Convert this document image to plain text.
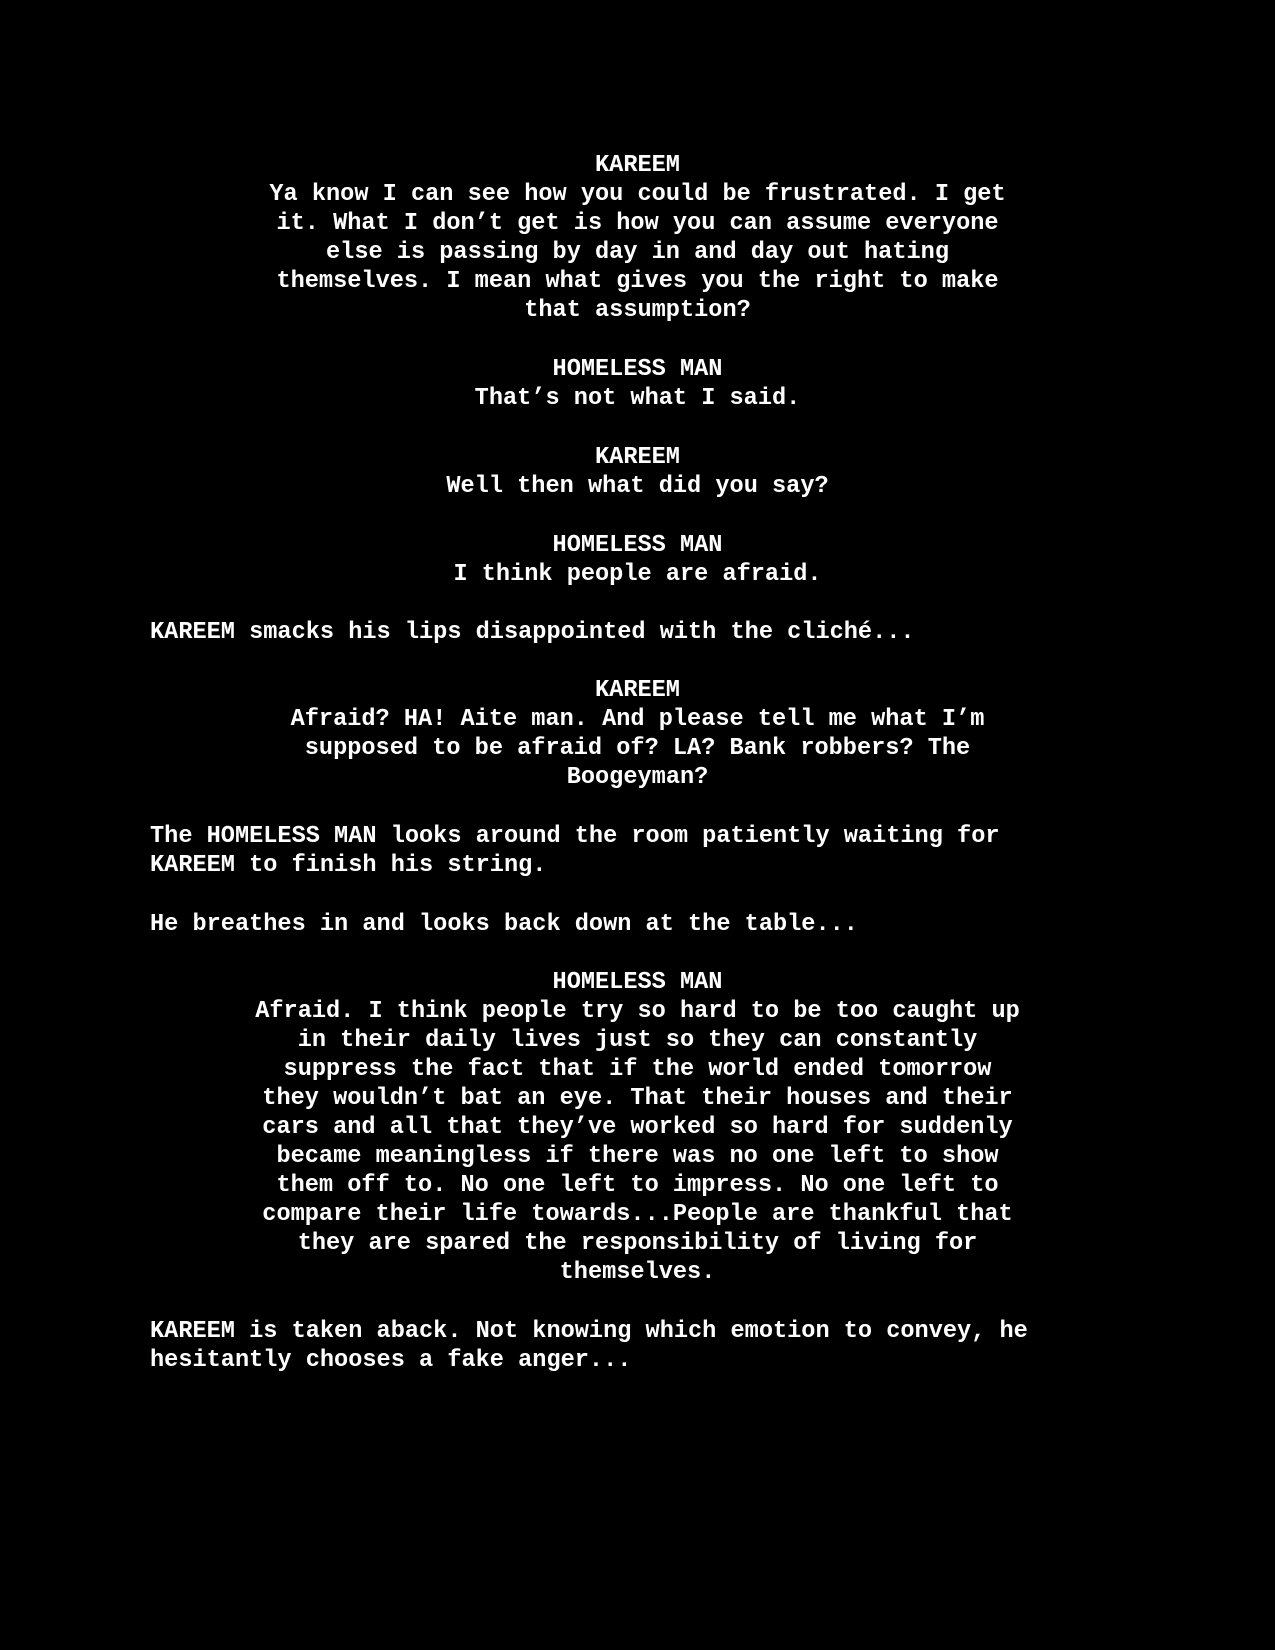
KAREEM
Ya know I can see how you could be frustrated. I get
it. What I don’t get is how you can assume everyone
else is passing by day in and day out hating
themselves. I mean what gives you the right to make
that assumption?
HOMELESS MAN
That’s not what I said.
KAREEM
Well then what did you say?
HOMELESS MAN
I think people are afraid.
KAREEM smacks his lips disappointed with the cliché...
KAREEM
Afraid? HA! Aite man. And please tell me what I’m
supposed to be afraid of? LA? Bank robbers? The
Boogeyman?
The HOMELESS MAN looks around the room patiently waiting for
KAREEM to finish his string.
He breathes in and looks back down at the table...
HOMELESS MAN
Afraid. I think people try so hard to be too caught up
in their daily lives just so they can constantly
suppress the fact that if the world ended tomorrow
they wouldn’t bat an eye. That their houses and their
cars and all that they’ve worked so hard for suddenly
became meaningless if there was no one left to show
them off to. No one left to impress. No one left to
compare their life towards...People are thankful that
they are spared the responsibility of living for
themselves.
KAREEM is taken aback. Not knowing which emotion to convey, he
hesitantly chooses a fake anger...
